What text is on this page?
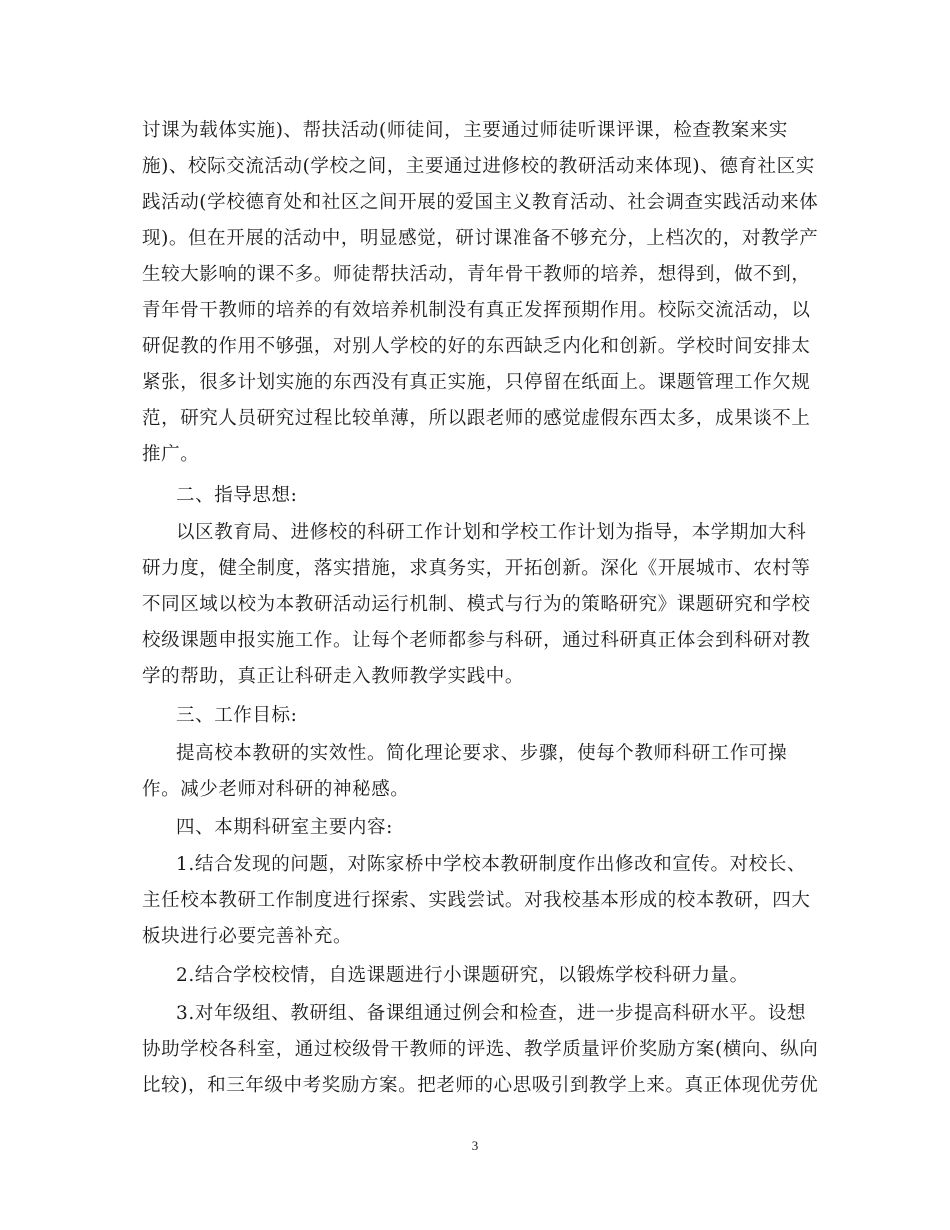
讨课为载体实施)、帮扶活动(师徒间，主要通过师徒听课评课，检查教案来实

施)、校际交流活动(学校之间，主要通过进修校的教研活动来体现)、德育社区实

践活动(学校德育处和社区之间开展的爱国主义教育活动、社会调查实践活动来体

现)。但在开展的活动中，明显感觉，研讨课准备不够充分，上档次的，对教学产

生较大影响的课不多。师徒帮扶活动，青年骨干教师的培养，想得到，做不到，

青年骨干教师的培养的有效培养机制没有真正发挥预期作用。校际交流活动，以

研促教的作用不够强，对别人学校的好的东西缺乏内化和创新。学校时间安排太

紧张，很多计划实施的东西没有真正实施，只停留在纸面上。课题管理工作欠规

范，研究人员研究过程比较单薄，所以跟老师的感觉虚假东西太多，成果谈不上

推广。

二、指导思想:

以区教育局、进修校的科研工作计划和学校工作计划为指导，本学期加大科

研力度，健全制度，落实措施，求真务实，开拓创新。深化《开展城市、农村等

不同区域以校为本教研活动运行机制、模式与行为的策略研究》课题研究和学校

校级课题申报实施工作。让每个老师都参与科研，通过科研真正体会到科研对教

学的帮助，真正让科研走入教师教学实践中。

三、工作目标:

提高校本教研的实效性。简化理论要求、步骤，使每个教师科研工作可操

作。减少老师对科研的神秘感。

四、本期科研室主要内容:

1.结合发现的问题，对陈家桥中学校本教研制度作出修改和宣传。对校长、

主任校本教研工作制度进行探索、实践尝试。对我校基本形成的校本教研，四大

板块进行必要完善补充。

2.结合学校校情，自选课题进行小课题研究，以锻炼学校科研力量。

3.对年级组、教研组、备课组通过例会和检查，进一步提高科研水平。设想

协助学校各科室，通过校级骨干教师的评选、教学质量评价奖励方案(横向、纵向

比较)，和三年级中考奖励方案。把老师的心思吸引到教学上来。真正体现优劳优

3
